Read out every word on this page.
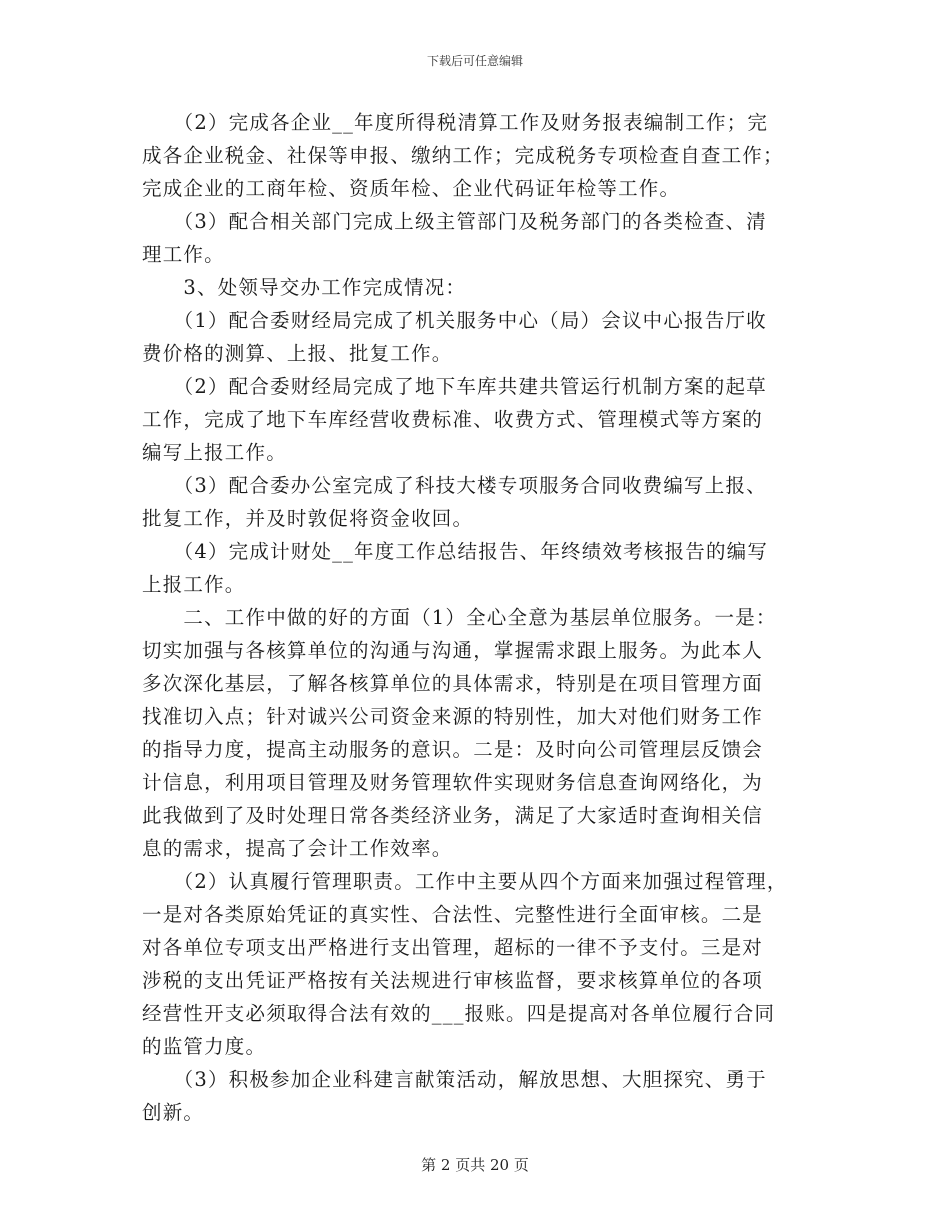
下载后可任意编辑
　　（2）完成各企业__年度所得税清算工作及财务报表编制工作；完
成各企业税金、社保等申报、缴纳工作；完成税务专项检查自查工作；
完成企业的工商年检、资质年检、企业代码证年检等工作。
　　（3）配合相关部门完成上级主管部门及税务部门的各类检查、清
理工作。
　　3、处领导交办工作完成情况：
　　（1）配合委财经局完成了机关服务中心（局）会议中心报告厅收
费价格的测算、上报、批复工作。
　　（2）配合委财经局完成了地下车库共建共管运行机制方案的起草
工作，完成了地下车库经营收费标准、收费方式、管理模式等方案的
编写上报工作。
　　（3）配合委办公室完成了科技大楼专项服务合同收费编写上报、
批复工作，并及时敦促将资金收回。
　　（4）完成计财处__年度工作总结报告、年终绩效考核报告的编写
上报工作。
　　二、工作中做的好的方面（1）全心全意为基层单位服务。一是：
切实加强与各核算单位的沟通与沟通，掌握需求跟上服务。为此本人
多次深化基层，了解各核算单位的具体需求，特别是在项目管理方面
找准切入点；针对诚兴公司资金来源的特别性，加大对他们财务工作
的指导力度，提高主动服务的意识。二是：及时向公司管理层反馈会
计信息，利用项目管理及财务管理软件实现财务信息查询网络化，为
此我做到了及时处理日常各类经济业务，满足了大家适时查询相关信
息的需求，提高了会计工作效率。
　　（2）认真履行管理职责。工作中主要从四个方面来加强过程管理，
一是对各类原始凭证的真实性、合法性、完整性进行全面审核。二是
对各单位专项支出严格进行支出管理，超标的一律不予支付。三是对
涉税的支出凭证严格按有关法规进行审核监督，要求核算单位的各项
经营性开支必须取得合法有效的___报账。四是提高对各单位履行合同
的监管力度。
　　（3）积极参加企业科建言献策活动，解放思想、大胆探究、勇于
创新。
第 2 页共 20 页
